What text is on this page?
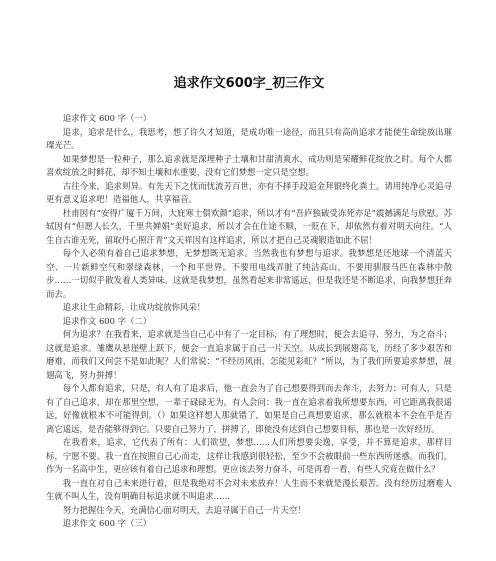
追求作文600字_初三作文

追求作文 600 字（一）

追求，追求是什么，我思考，想了许久才知道，是成功唯一途径，而且只有高尚追求才能使生命绽放出璀璨光芒。

如果梦想是一粒种子，那么追求就是深埋种子土壤和甘甜清爽水，成功则是荣耀鲜花绽放之时。每个人都喜欢绽放之时鲜花，却不知土壤和水重要，没有它们梦想一定只是空想。

古往今来，追求则异。有先天下之忧而忧流芳百世，亦有不择手段追金拜银终化粪土。请用纯净心灵追寻更有意义追求吧！造福他人，共享福音。

杜甫因有“安得广厦千万间，大庇寒士俱欢颜”追求，所以才有“吾庐独破受冻死亦足”震撼满足与欣慰。苏轼因有“但愿人长久，千里共婵娟”美好追求，所以才会在仕途不顺，一贬在下，却依然有着对明天向往。“人生自古谁无死，留取丹心照汗青”文天祥因有这样追求，所以才把自己灵魂锻造如此不屈！

每个人必须有着自己追求梦想，无梦想既无追求。当然我也有梦想与追求。我梦想是还地球一个清蓝天空、一片新鲜空气和翠绿森林，一个和平世界。不要用电线弄脏了纯洁高山，不要用驯服马匹在森林中散步……一切似乎散发着人类异味。这就是我梦想，虽然看起来非常遥远，但是我还是不断追求，向我梦想狂奔而去。

追求让生命精彩，让成功绽放你风采！

追求作文 600 字（二）

何为追求？在我看来，追求就是当自己心中有了一定目标，有了理想时，便会去追寻、努力，为之奋斗；这就是追求。雏鹰从悬崖壁上跃下，便会一直追求属于自己一片天空。从成长到展翅高飞，历经了多少艰苦和磨难，而我们又何尝不是如此呢？人们常说：“不经历风雨，怎能见彩虹？”所以，为了我们所要追求梦想，展翅高飞，努力拼搏！

每个人都有追求，只是，有人有了追求后，他一直会为了自己想要得到而去奔斗，去努力；可有人，只是有了自己追求，却在那里空想，一辈子碌碌无为。有人会问：我一直在追求着我所想要东西，可它距离我很遥远，好像就根本不可能得到。（）如果这样想人那就错了，如果是自己真想要追求，那么就根本不会在乎是否离它遥远，是否能够得到它。只要自己努力了，拼搏了，即使没有达到自己想要目标，那也是一次好经历。

在我看来，追求，它代表了所有：人们欲望，梦想……人们所想要尖逸，享受，并不算是追求，那样目标，宁愿不要。我一直在按照自己心而走，这样让我感到很轻松，至少不会被眼前一些东西所迷惑。而我们，作为一名高中生，更应该有着自己追求和理想。更应该去努力奋斗，可是再看一看，有些人究竟在做什么？

我一直在对自己未来进行着，但是我绝对不会对未来放弃！人生而不来就是漫长艰苦。没有经历过磨难人生就不叫人生，没有明确目标追求就不叫追求……

努力把握住今天，充满信心面对明天，去追寻属于自己一片天空！

追求作文 600 字（三）
